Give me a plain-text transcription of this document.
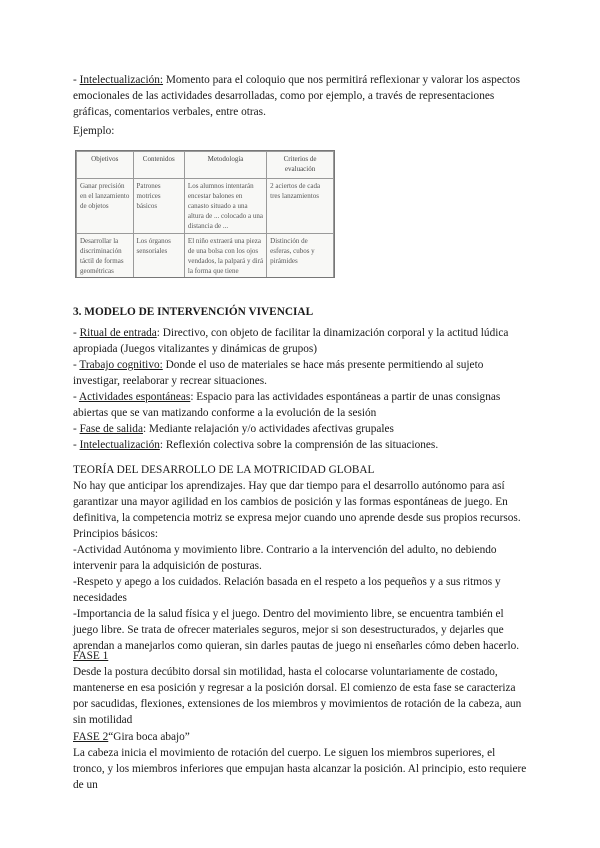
- Intelectualización: Momento para el coloquio que nos permitirá reflexionar y valorar los aspectos emocionales de las actividades desarrolladas, como por ejemplo, a través de representaciones gráficas, comentarios verbales, entre otras.
Ejemplo:
Objetivos	Contenidos	Metodología	Criterios de evaluación
Ganar precisión en el lanzamiento de objetos	Patrones motrices básicos	Los alumnos intentarán encestar balones en canasto situado a una altura de ... colocado a una distancia de ...	2 aciertos de cada tres lanzamientos
Desarrollar la discriminación táctil de formas geométricas	Los órganos sensoriales	El niño extraerá una pieza de una bolsa con los ojos vendados, la palpará y dirá la forma que tiene	Distinción de esferas, cubos y pirámides
3. MODELO DE INTERVENCIÓN VIVENCIAL
- Ritual de entrada: Directivo, con objeto de facilitar la dinamización corporal y la actitud lúdica apropiada (Juegos vitalizantes y dinámicas de grupos)
- Trabajo cognitivo: Donde el uso de materiales se hace más presente permitiendo al sujeto investigar, reelaborar y recrear situaciones.
- Actividades espontáneas: Espacio para las actividades espontáneas a partir de unas consignas abiertas que se van matizando conforme a la evolución de la sesión
- Fase de salida: Mediante relajación y/o actividades afectivas grupales
- Intelectualización: Reflexión colectiva sobre la comprensión de las situaciones.
TEORÍA DEL DESARROLLO DE LA MOTRICIDAD GLOBAL
No hay que anticipar los aprendizajes. Hay que dar tiempo para el desarrollo autónomo para así garantizar una mayor agilidad en los cambios de posición y las formas espontáneas de juego. En definitiva, la competencia motriz se expresa mejor cuando uno aprende desde sus propios recursos.
Principios básicos:
-Actividad Autónoma y movimiento libre. Contrario a la intervención del adulto, no debiendo intervenir para la adquisición de posturas.
-Respeto y apego a los cuidados. Relación basada en el respeto a los pequeños y a sus ritmos y necesidades
-Importancia de la salud física y el juego. Dentro del movimiento libre, se encuentra también el juego libre. Se trata de ofrecer materiales seguros, mejor si son desestructurados, y dejarles que aprendan a manejarlos como quieran, sin darles pautas de juego ni enseñarles cómo deben hacerlo.
FASE 1
Desde la postura decúbito dorsal sin motilidad, hasta el colocarse voluntariamente de costado, mantenerse en esa posición y regresar a la posición dorsal. El comienzo de esta fase se caracteriza por sacudidas, flexiones, extensiones de los miembros y movimientos de rotación de la cabeza, aun sin motilidad
FASE 2“Gira boca abajo”
La cabeza inicia el movimiento de rotación del cuerpo. Le siguen los miembros superiores, el tronco, y los miembros inferiores que empujan hasta alcanzar la posición. Al principio, esto requiere de un
